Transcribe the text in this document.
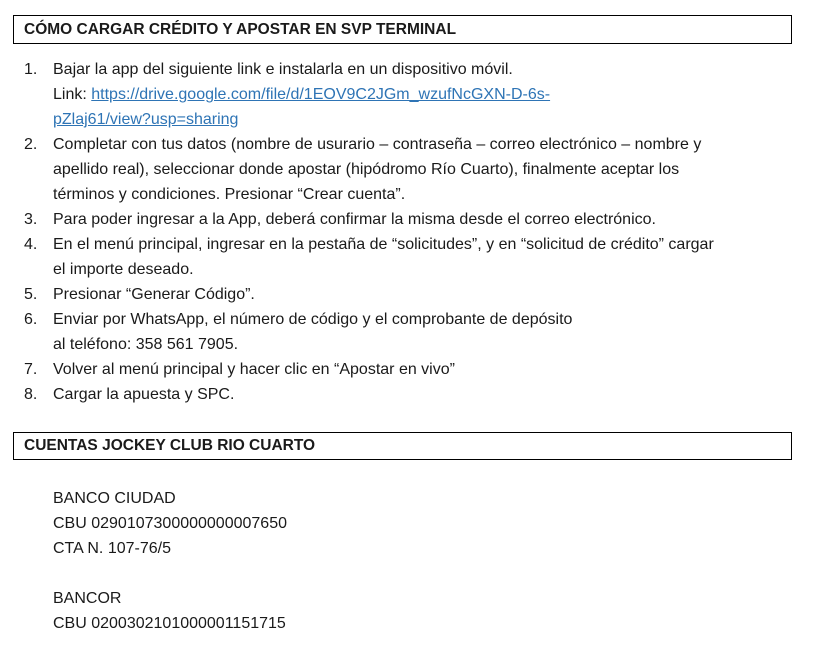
CÓMO CARGAR CRÉDITO Y APOSTAR EN SVP TERMINAL
1. Bajar la app del siguiente link e instalarla en un dispositivo móvil.
Link: https://drive.google.com/file/d/1EOV9C2JGm_wzufNcGXN-D-6s-
pZlaj61/view?usp=sharing
2. Completar con tus datos (nombre de usurario – contraseña – correo electrónico – nombre y
apellido real), seleccionar donde apostar (hipódromo Río Cuarto), finalmente aceptar los
términos y condiciones. Presionar “Crear cuenta”.
3. Para poder ingresar a la App, deberá confirmar la misma desde el correo electrónico.
4. En el menú principal, ingresar en la pestaña de “solicitudes”, y en “solicitud de crédito” cargar
el importe deseado.
5. Presionar “Generar Código”.
6. Enviar por WhatsApp, el número de código y el comprobante de depósito
al teléfono: 358 561 7905.
7. Volver al menú principal y hacer clic en “Apostar en vivo”
8. Cargar la apuesta y SPC.
CUENTAS JOCKEY CLUB RIO CUARTO
BANCO CIUDAD
CBU 0290107300000000007650
CTA N. 107-76/5
BANCOR
CBU 0200302101000001151715
